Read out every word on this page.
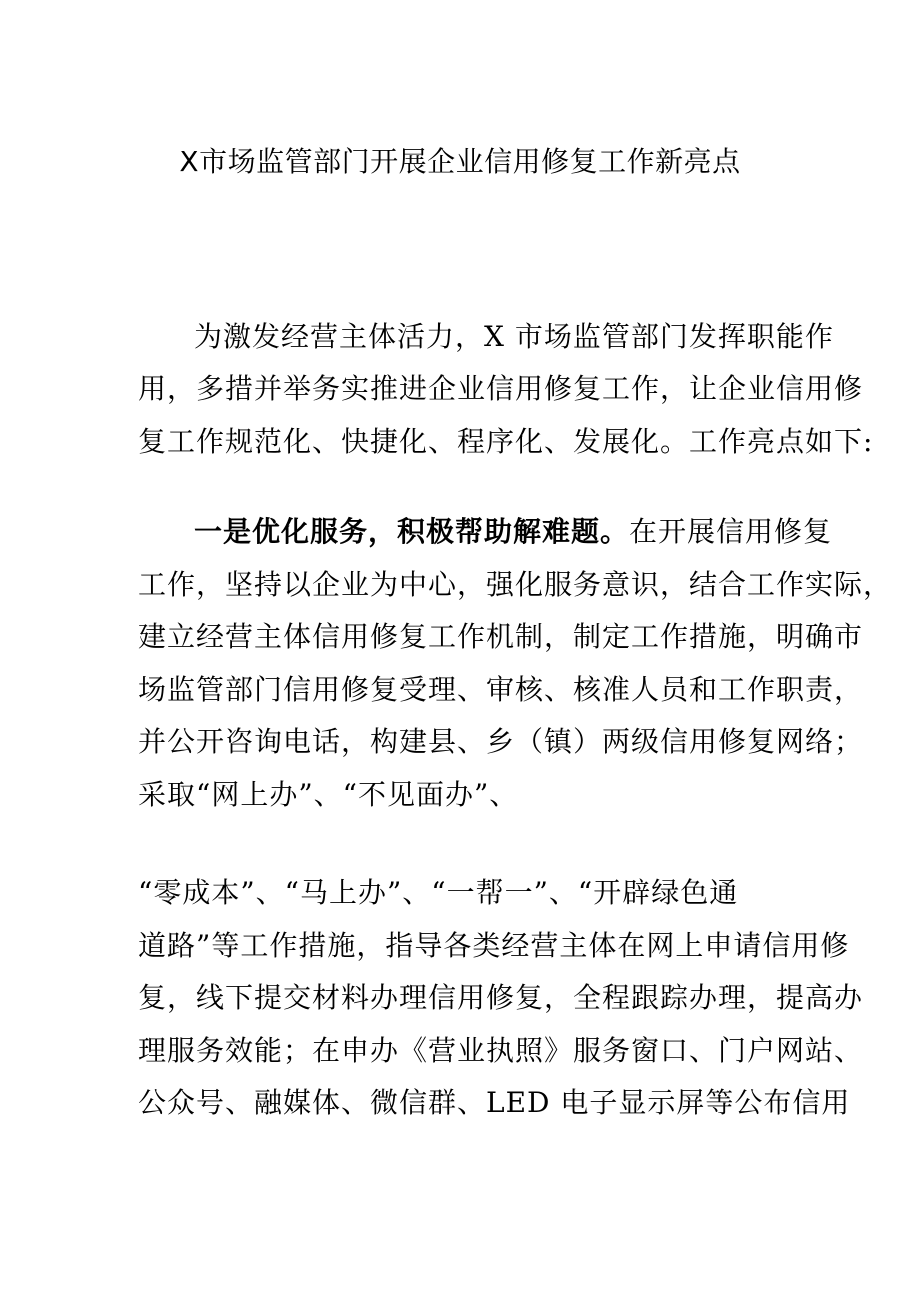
X市场监管部门开展企业信用修复工作新亮点
为激发经营主体活力，X 市场监管部门发挥职能作
用，多措并举务实推进企业信用修复工作，让企业信用修
复工作规范化、快捷化、程序化、发展化。工作亮点如下:
一是优化服务，积极帮助解难题。在开展信用修复
工作，坚持以企业为中心，强化服务意识，结合工作实际，
建立经营主体信用修复工作机制，制定工作措施，明确市
场监管部门信用修复受理、审核、核准人员和工作职责，
并公开咨询电话，构建县、乡（镇）两级信用修复网络；
采取“网上办”、“不见面办”、
“零成本”、“马上办”、“一帮一”、“开辟绿色通
道路”等工作措施，指导各类经营主体在网上申请信用修
复，线下提交材料办理信用修复，全程跟踪办理，提高办
理服务效能；在申办《营业执照》服务窗口、门户网站、
公众号、融媒体、微信群、LED 电子显示屏等公布信用
